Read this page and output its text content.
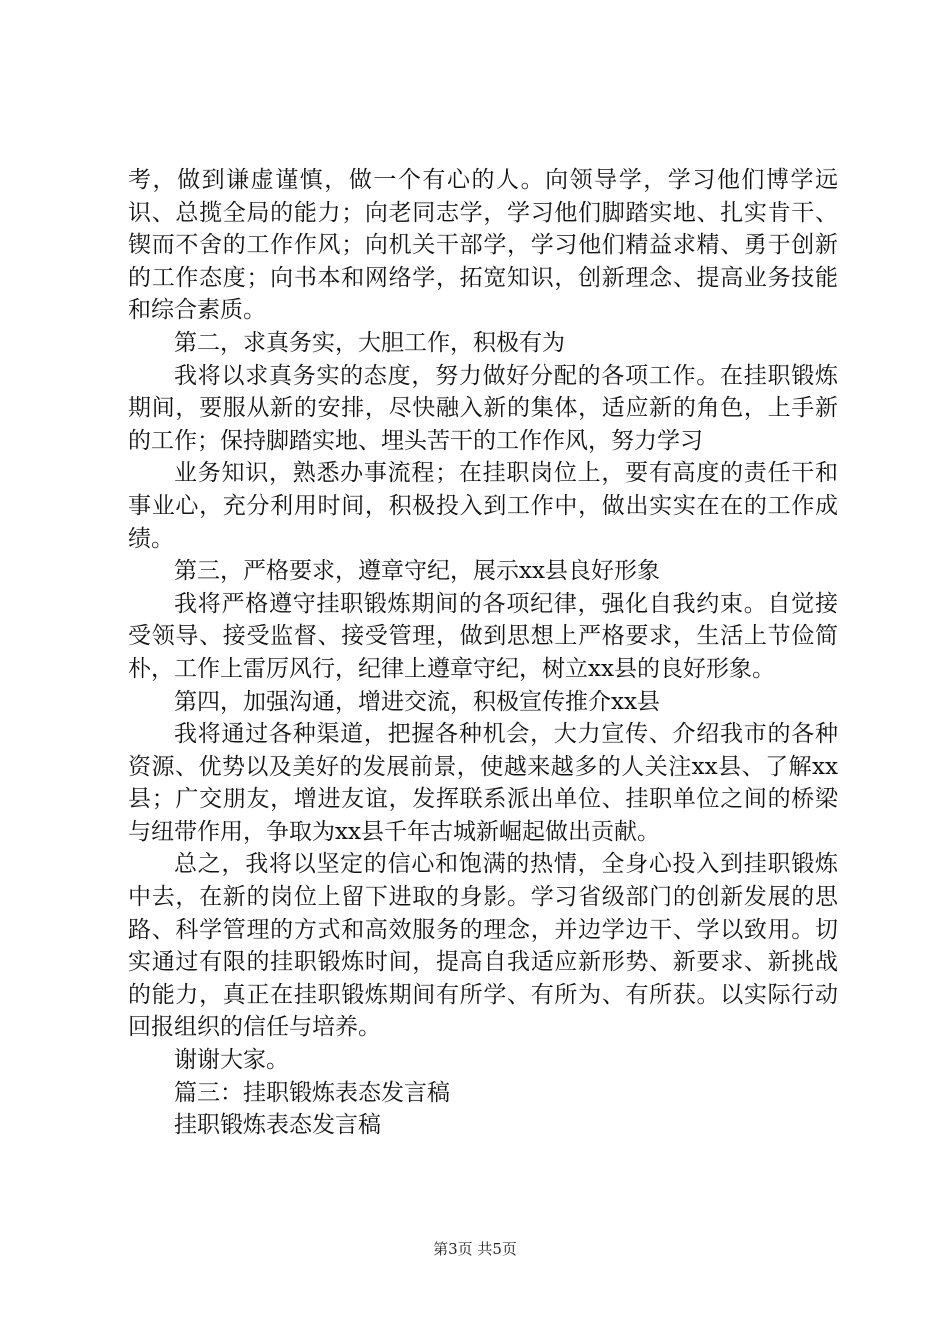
考，做到谦虚谨慎，做一个有心的人。向领导学，学习他们博学远识、总揽全局的能力；向老同志学，学习他们脚踏实地、扎实肯干、锲而不舍的工作作风；向机关干部学，学习他们精益求精、勇于创新的工作态度；向书本和网络学，拓宽知识，创新理念、提高业务技能和综合素质。

第二，求真务实，大胆工作，积极有为

我将以求真务实的态度，努力做好分配的各项工作。在挂职锻炼期间，要服从新的安排，尽快融入新的集体，适应新的角色，上手新的工作；保持脚踏实地、埋头苦干的工作作风，努力学习

业务知识，熟悉办事流程；在挂职岗位上，要有高度的责任干和事业心，充分利用时间，积极投入到工作中，做出实实在在的工作成绩。

第三，严格要求，遵章守纪，展示xx县良好形象

我将严格遵守挂职锻炼期间的各项纪律，强化自我约束。自觉接受领导、接受监督、接受管理，做到思想上严格要求，生活上节俭简朴，工作上雷厉风行，纪律上遵章守纪，树立xx县的良好形象。

第四，加强沟通，增进交流，积极宣传推介xx县

我将通过各种渠道，把握各种机会，大力宣传、介绍我市的各种资源、优势以及美好的发展前景，使越来越多的人关注xx县、了解xx县；广交朋友，增进友谊，发挥联系派出单位、挂职单位之间的桥梁与纽带作用，争取为xx县千年古城新崛起做出贡献。

总之，我将以坚定的信心和饱满的热情，全身心投入到挂职锻炼中去，在新的岗位上留下进取的身影。学习省级部门的创新发展的思路、科学管理的方式和高效服务的理念，并边学边干、学以致用。切实通过有限的挂职锻炼时间，提高自我适应新形势、新要求、新挑战的能力，真正在挂职锻炼期间有所学、有所为、有所获。以实际行动回报组织的信任与培养。

谢谢大家。

篇三：挂职锻炼表态发言稿

挂职锻炼表态发言稿

第3页 共5页
